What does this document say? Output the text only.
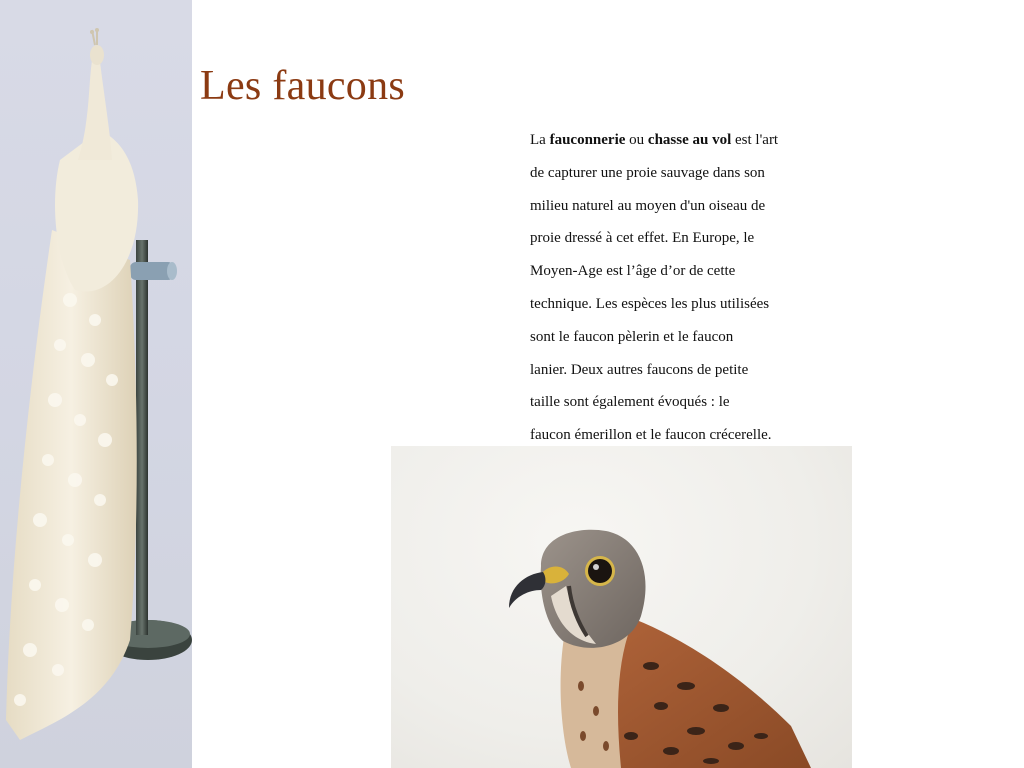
Les faucons
La fauconnerie ou chasse au vol est l'art
de capturer une proie sauvage dans son
milieu naturel au moyen d'un oiseau de
proie dressé à cet effet. En Europe, le
Moyen-Age est l’âge d’or de cette
technique. Les espèces les plus utilisées
sont le faucon pèlerin et le faucon
lanier. Deux autres faucons de petite
taille sont également évoqués : le
faucon émerillon et le faucon crécerelle.
